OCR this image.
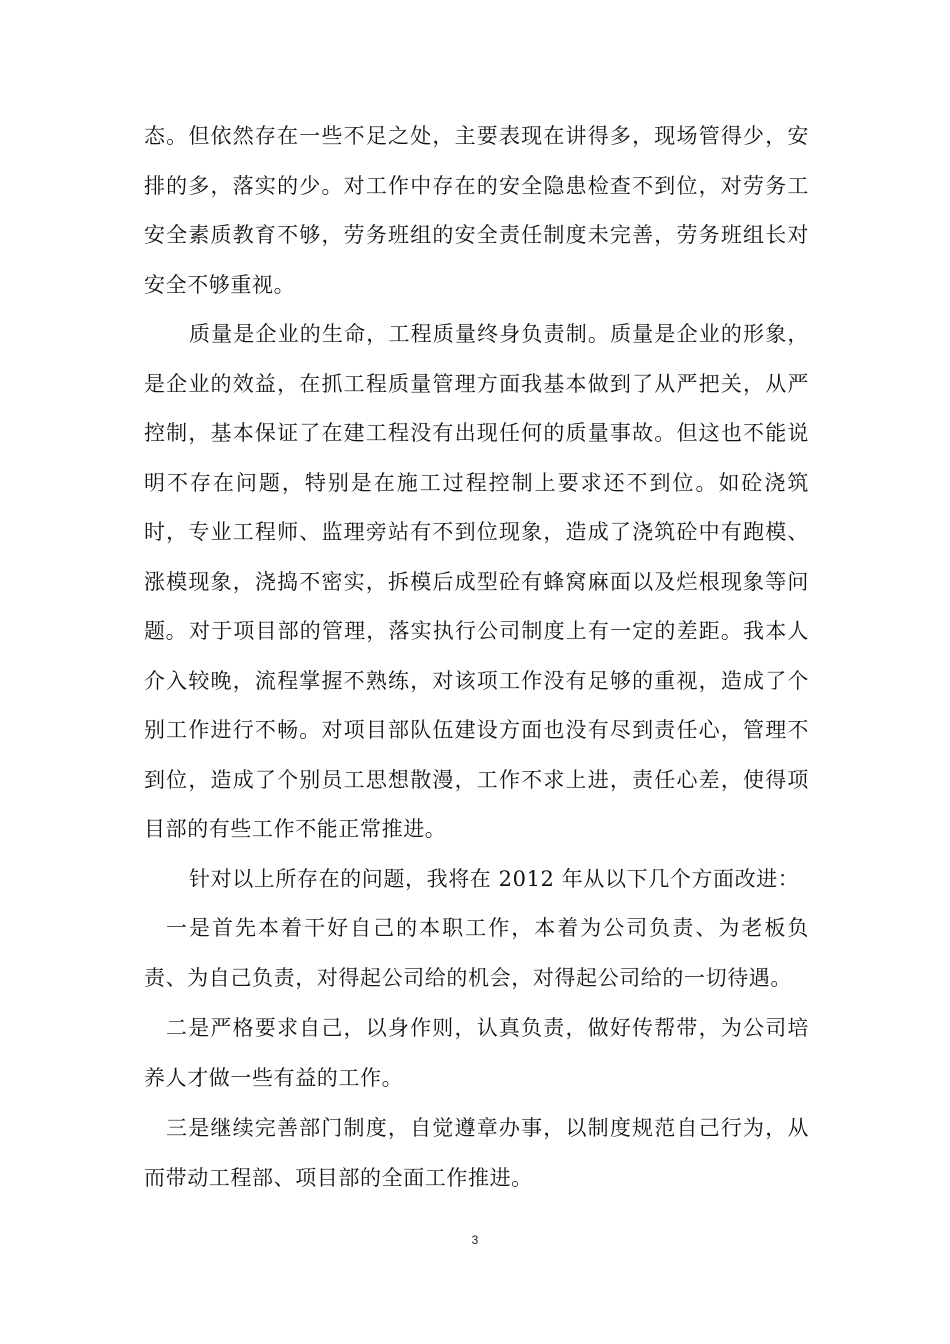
态。但依然存在一些不足之处，主要表现在讲得多，现场管得少，安排的多，落实的少。对工作中存在的安全隐患检查不到位，对劳务工安全素质教育不够，劳务班组的安全责任制度未完善，劳务班组长对安全不够重视。

质量是企业的生命，工程质量终身负责制。质量是企业的形象，是企业的效益，在抓工程质量管理方面我基本做到了从严把关，从严控制，基本保证了在建工程没有出现任何的质量事故。但这也不能说明不存在问题，特别是在施工过程控制上要求还不到位。如砼浇筑时，专业工程师、监理旁站有不到位现象，造成了浇筑砼中有跑模、涨模现象，浇捣不密实，拆模后成型砼有蜂窝麻面以及烂根现象等问题。 对于项目部的管理，落实执行公司制度上有一定的差距。我本人介入较晚，流程掌握不熟练，对该项工作没有足够的重视，造成了个别工作进行不畅。对项目部队伍建设方面也没有尽到责任心，管理不到位，造成了个别员工思想散漫，工作不求上进，责任心差，使得项目部的有些工作不能正常推进。

针对以上所存在的问题，我将在 2012 年从以下几个方面改进：

一是首先本着干好自己的本职工作，本着为公司负责、为老板负责、为自己负责，对得起公司给的机会，对得起公司给的一切待遇。

二是严格要求自己，以身作则，认真负责，做好传帮带，为公司培养人才做一些有益的工作。

三是继续完善部门制度，自觉遵章办事，以制度规范自己行为，从而带动工程部、项目部的全面工作推进。

3
